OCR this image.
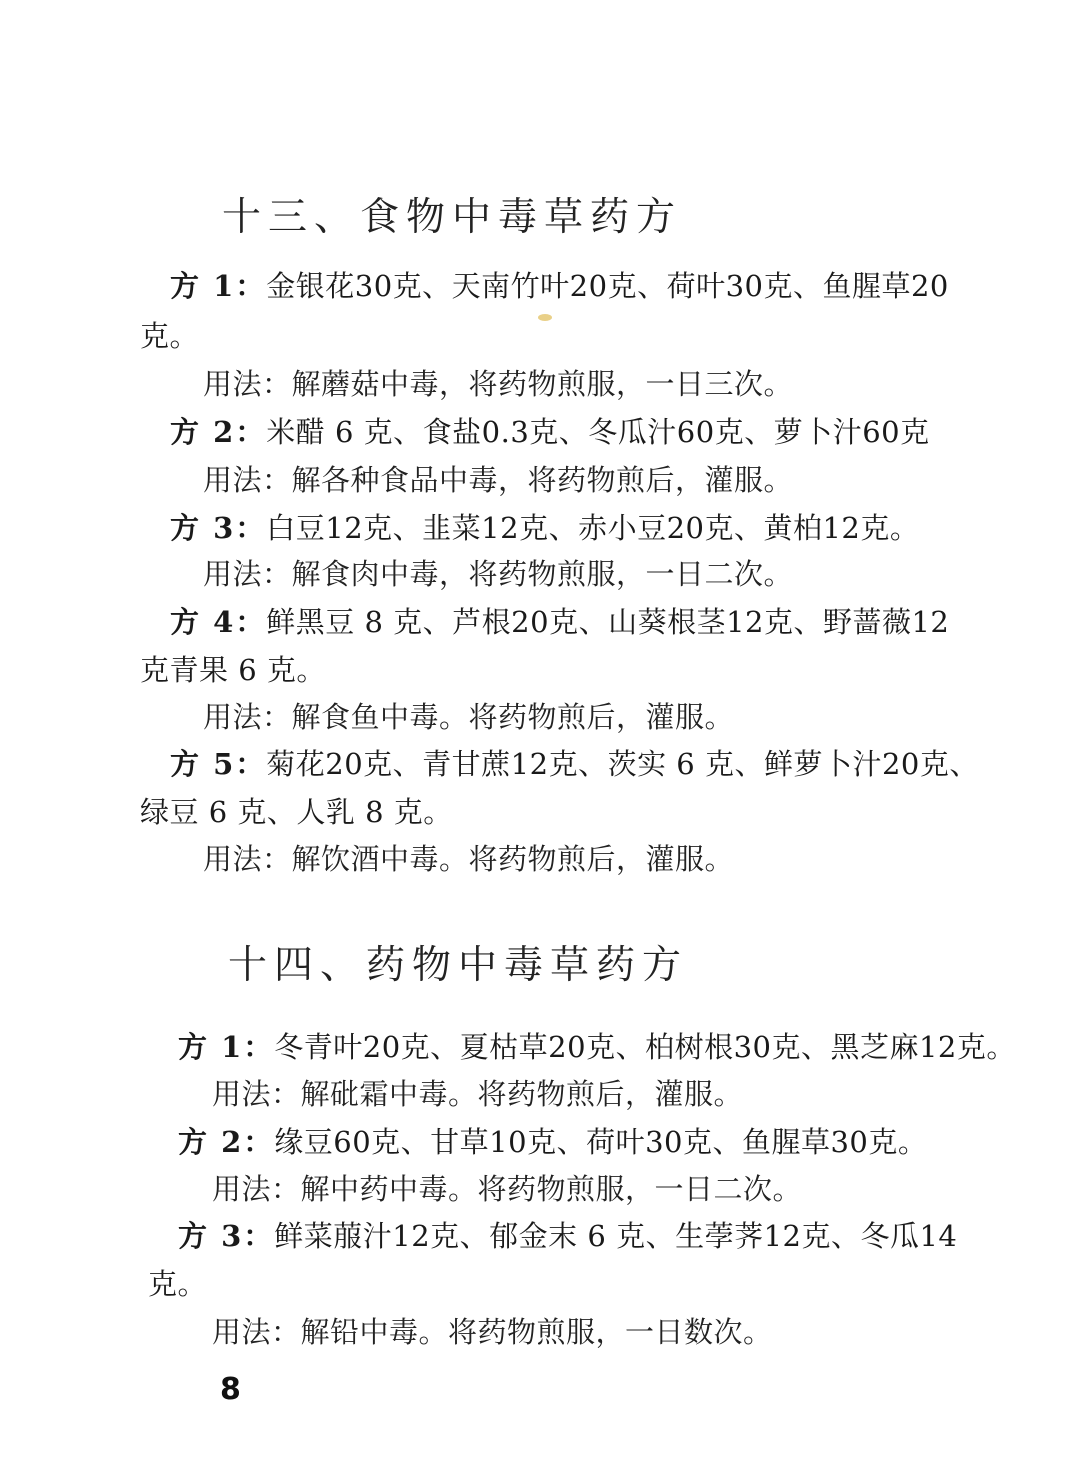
十三、食物中毒草药方
方 1：金银花30克、天南竹叶20克、荷叶30克、鱼腥草20
克。
用法：解蘑菇中毒，将药物煎服，一日三次。
方 2：米醋 6 克、食盐0.3克、冬瓜汁60克、萝卜汁60克
用法：解各种食品中毒，将药物煎后，灌服。
方 3：白豆12克、韭菜12克、赤小豆20克、黄柏12克。
用法：解食肉中毒，将药物煎服，一日二次。
方 4：鲜黑豆 8 克、芦根20克、山葵根茎12克、野蔷薇12
克青果 6 克。
用法：解食鱼中毒。将药物煎后，灌服。
方 5：菊花20克、青甘蔗12克、茨实 6 克、鲜萝卜汁20克、
绿豆 6 克、人乳 8 克。
用法：解饮酒中毒。将药物煎后，灌服。
十四、药物中毒草药方
方 1：冬青叶20克、夏枯草20克、柏树根30克、黑芝麻12克。
用法：解砒霜中毒。将药物煎后，灌服。
方 2：缘豆60克、甘草10克、荷叶30克、鱼腥草30克。
用法：解中药中毒。将药物煎服，一日二次。
方 3：鲜菜菔汁12克、郁金末 6 克、生荸荠12克、冬瓜14
克。
用法：解铅中毒。将药物煎服，一日数次。
8
